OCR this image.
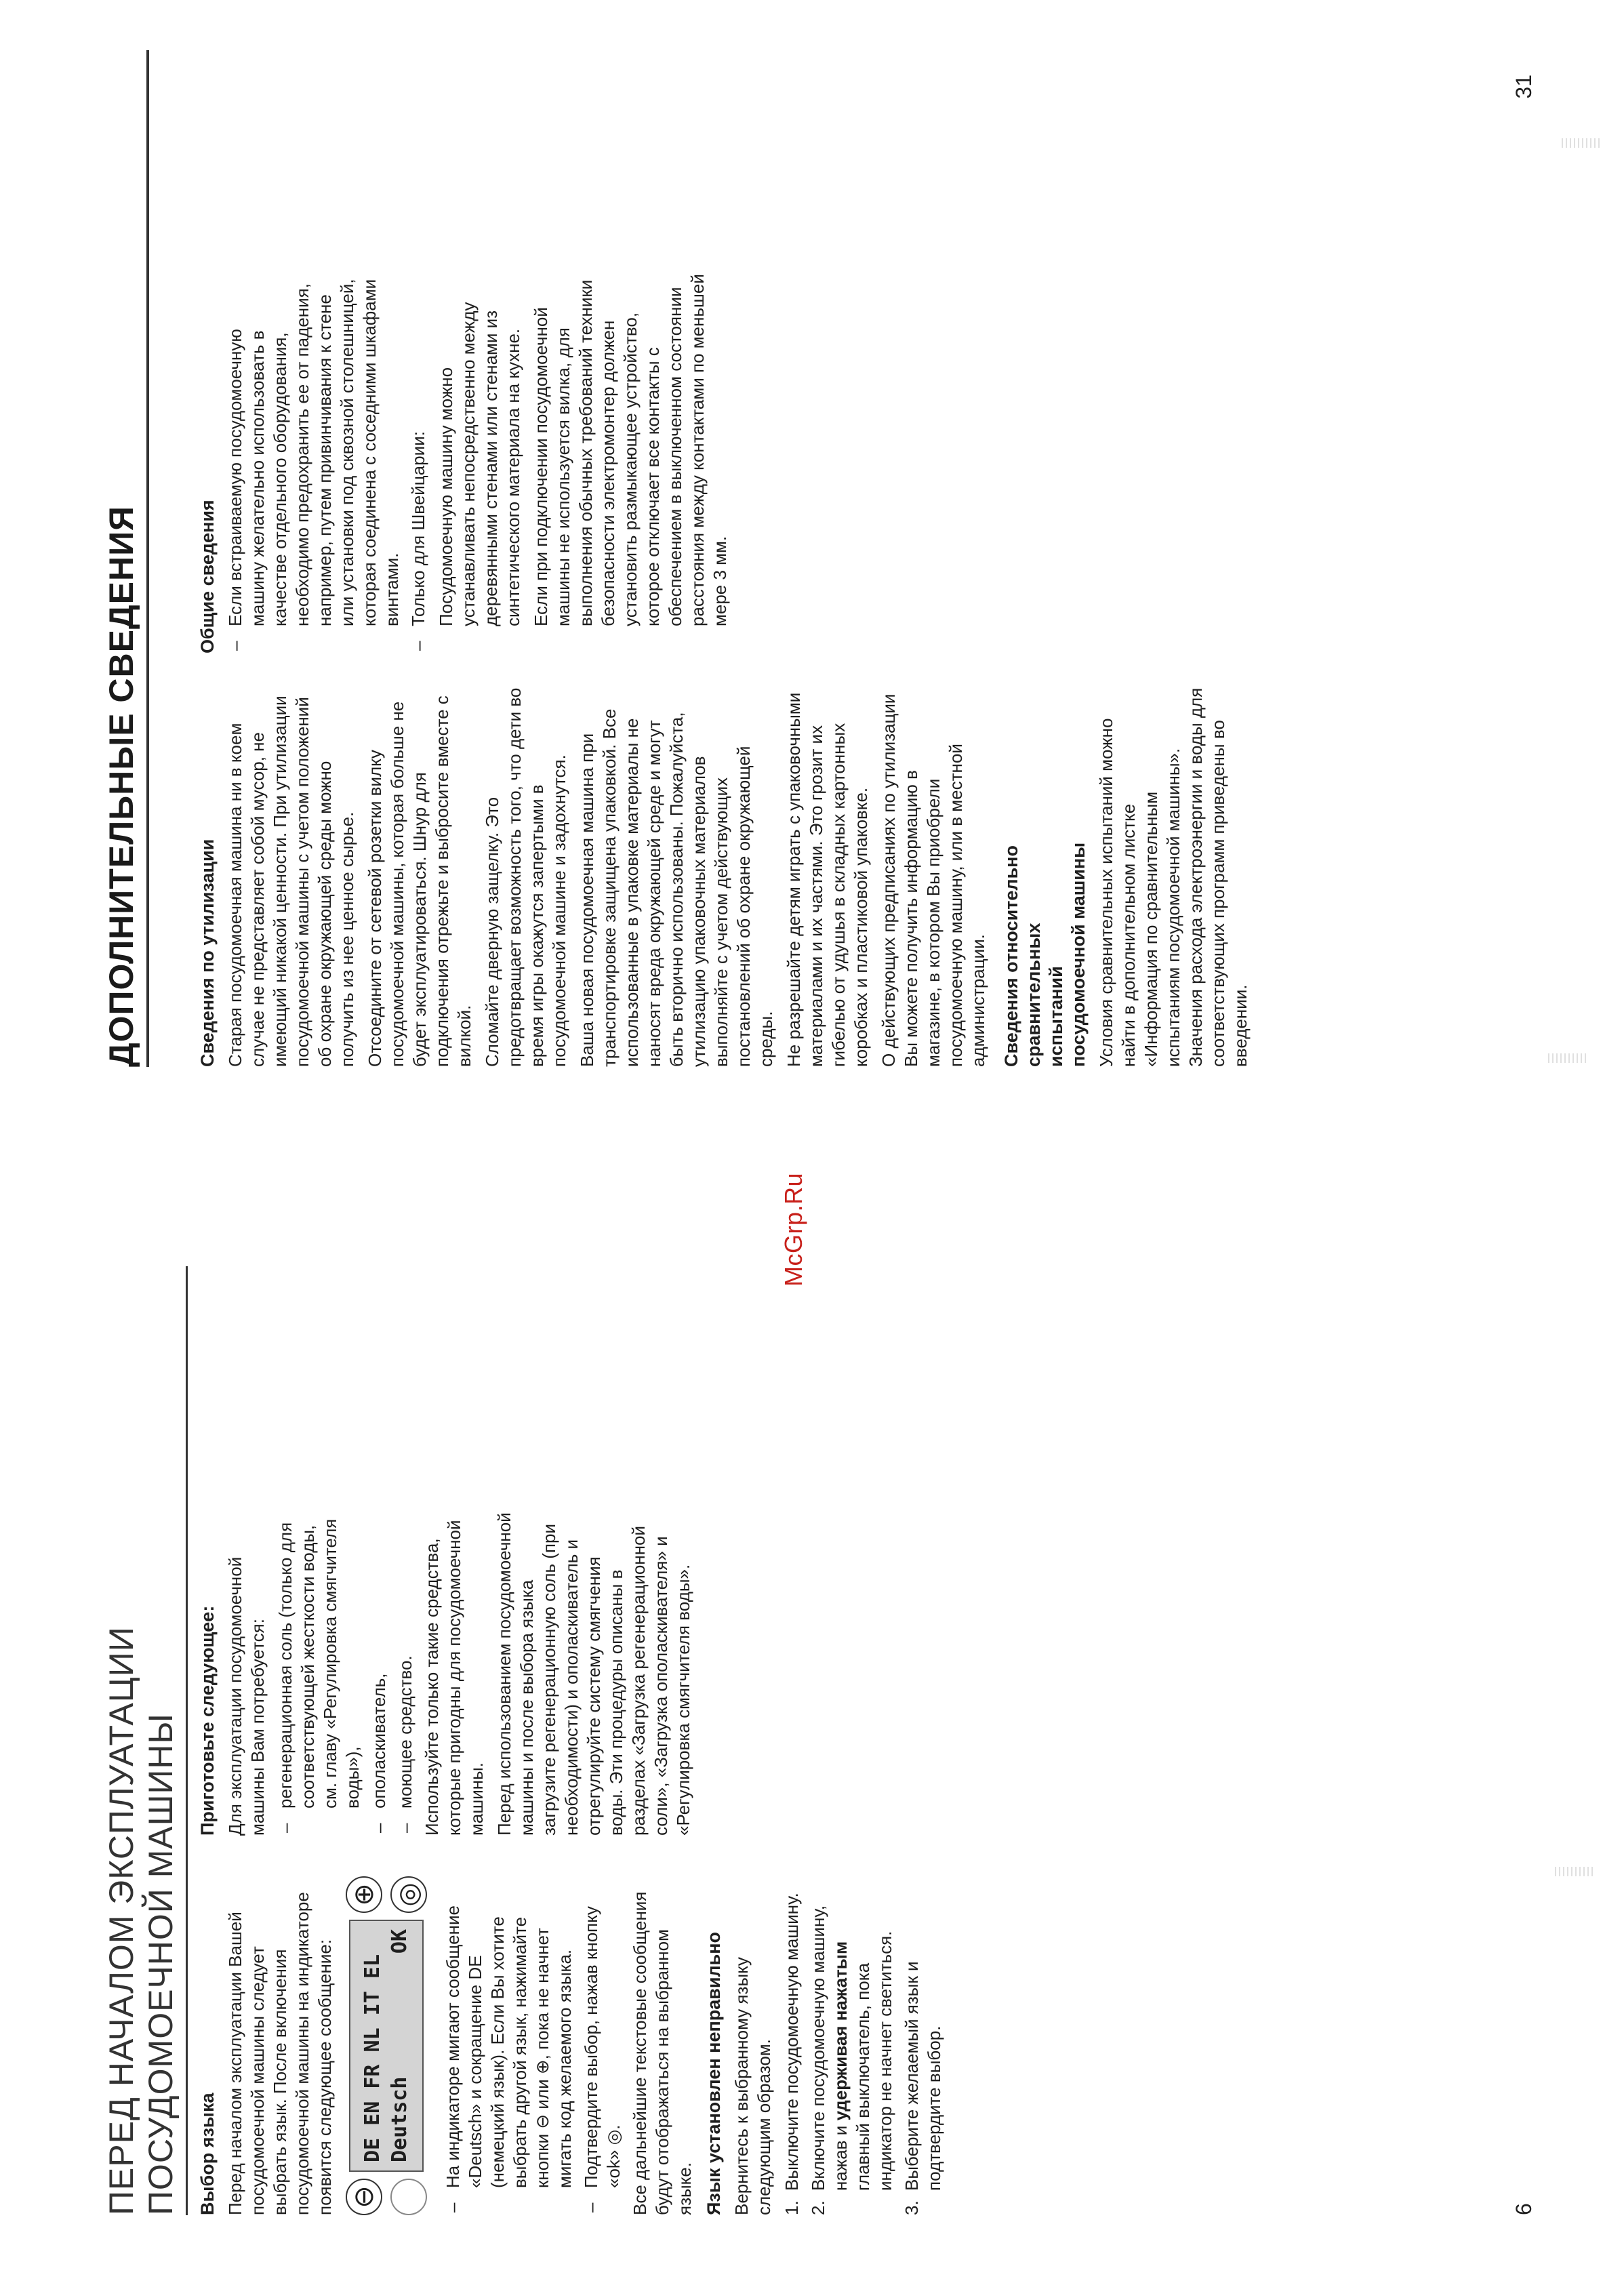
ПЕРЕД НАЧАЛОМ ЭКСПЛУАТАЦИИ ПОСУДОМОЕЧНОЙ МАШИНЫ Выбор языка Перед началом эксплуатации Вашей посудомоечной машины следует выбрать язык. После включения посудомоечной машины на индикаторе появится следующее сообщение: ⊖
DE EN FR NL IT EL Deutsch
OK
⊕ ◎
– На индикаторе мигают сообщение «Deutsch» и сокращение DE (немецкий язык). Если Вы хотите выбрать другой язык, нажимайте кнопки ⊖ или ⊕, пока не начнет мигать код желаемого языка. – Подтвердите выбор, нажав кнопку «ok» ◎. Все дальнейшие текстовые сообщения будут отображаться на выбранном языке. Язык установлен неправильно Вернитесь к выбранному языку следующим образом. 1.
Выключите посудомоечную машину.
2.
Включите посудомоечную машину, нажав и удерживая нажатым главный выключатель, пока индикатор не начнет светиться.
3.
Выберите желаемый язык и подтвердите выбор.

Приготовьте следующее: Для эксплуатации посудомоечной машины Вам потребуется: – регенерационная соль (только для соответствующей жесткости воды, см. главу «Регулировка смягчителя воды»), – ополаскиватель, – моющее средство. Используйте только такие средства, которые пригодны для посудомоечной машины. Перед использованием посудомоечной машины и после выбора языка загрузите регенерационную соль (при необходимости) и ополаскиватель и отрегулируйте систему смягчения воды. Эти процедуры описаны в разделах «Загрузка регенерационной соли», «Загрузка ополаскивателя» и «Регулировка смягчителя воды».

6
ДОПОЛНИТЕЛЬНЫЕ СВЕДЕНИЯ	Сведения по утилизации Старая посудомоечная машина ни в коем случае не представляет собой мусор, не имеющий никакой ценности. При утилизации посудомоечной машины с учетом положений об охране окружающей среды можно получить из нее ценное сырье. Отсоедините от сетевой розетки вилку посудомоечной машины, которая больше не будет эксплуатироваться. Шнур для подключения отрежьте и выбросите вместе с вилкой. Сломайте дверную защелку. Это предотвращает возможность того, что дети во время игры окажутся запертыми в посудомоечной машине и задохнутся. Ваша новая посудомоечная машина при транспортировке защищена упаковкой. Все использованные в упаковке материалы не наносят вреда окружающей среде и могут быть вторично использованы. Пожалуйста, утилизацию упаковочных материалов выполняйте с учетом действующих постановлений об охране окружающей среды. Не разрешайте детям играть с упаковочными материалами и их частями. Это грозит их гибелью от удушья в складных картонных коробках и пластиковой упаковке. О действующих предписаниях по утилизации Вы можете получить информацию в магазине, в котором Вы приобрели посудомоечную машину, или в местной администрации. Сведения относительно сравнительных испытаний посудомоечной машины Условия сравнительных испытаний можно найти в дополнительном листке «Информация по сравнительным испытаниям посудомоечной машины». Значения расхода электроэнергии и воды для соответствующих программ приведены во введении.

Общие сведения – Если встраиваемую посудомоечную машину желательно использовать в качестве отдельного оборудования, необходимо предохранить ее от падения, например, путем привинчивания к стене или установки под сквозной столешницей, которая соединена с соседними шкафами винтами. – Только для Швейцарии: Посудомоечную машину можно устанавливать непосредственно между деревянными стенами или стенами из синтетического материала на кухне. Если при подключении посудомоечной машины не используется вилка, для выполнения обычных требований техники безопасности электромонтер должен установить размыкающее устройство, которое отключает все контакты с обеспечением в выключенном состоянии расстояния между контактами по меньшей мере 3 мм.

31
McGrp.Ru
